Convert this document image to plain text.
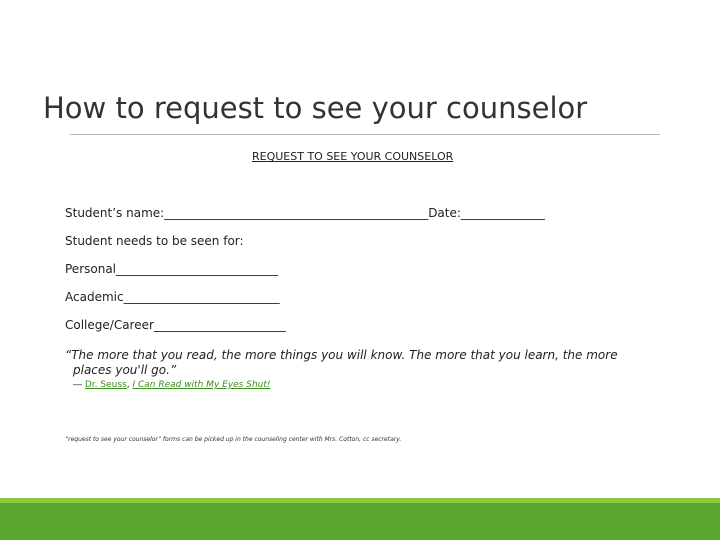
How to request to see your counselor
REQUEST TO SEE YOUR COUNSELOR
Student’s name:____________________________________________Date:______________
Student needs to be seen for:
Personal___________________________
Academic__________________________
College/Career______________________
“The more that you read, the more things you will know. The more that you learn, the more
places you'll go.”
― Dr. Seuss, I Can Read with My Eyes Shut!
“request to see your counselor” forms can be picked up in the counseling center with Mrs. Cotton, cc secretary.
